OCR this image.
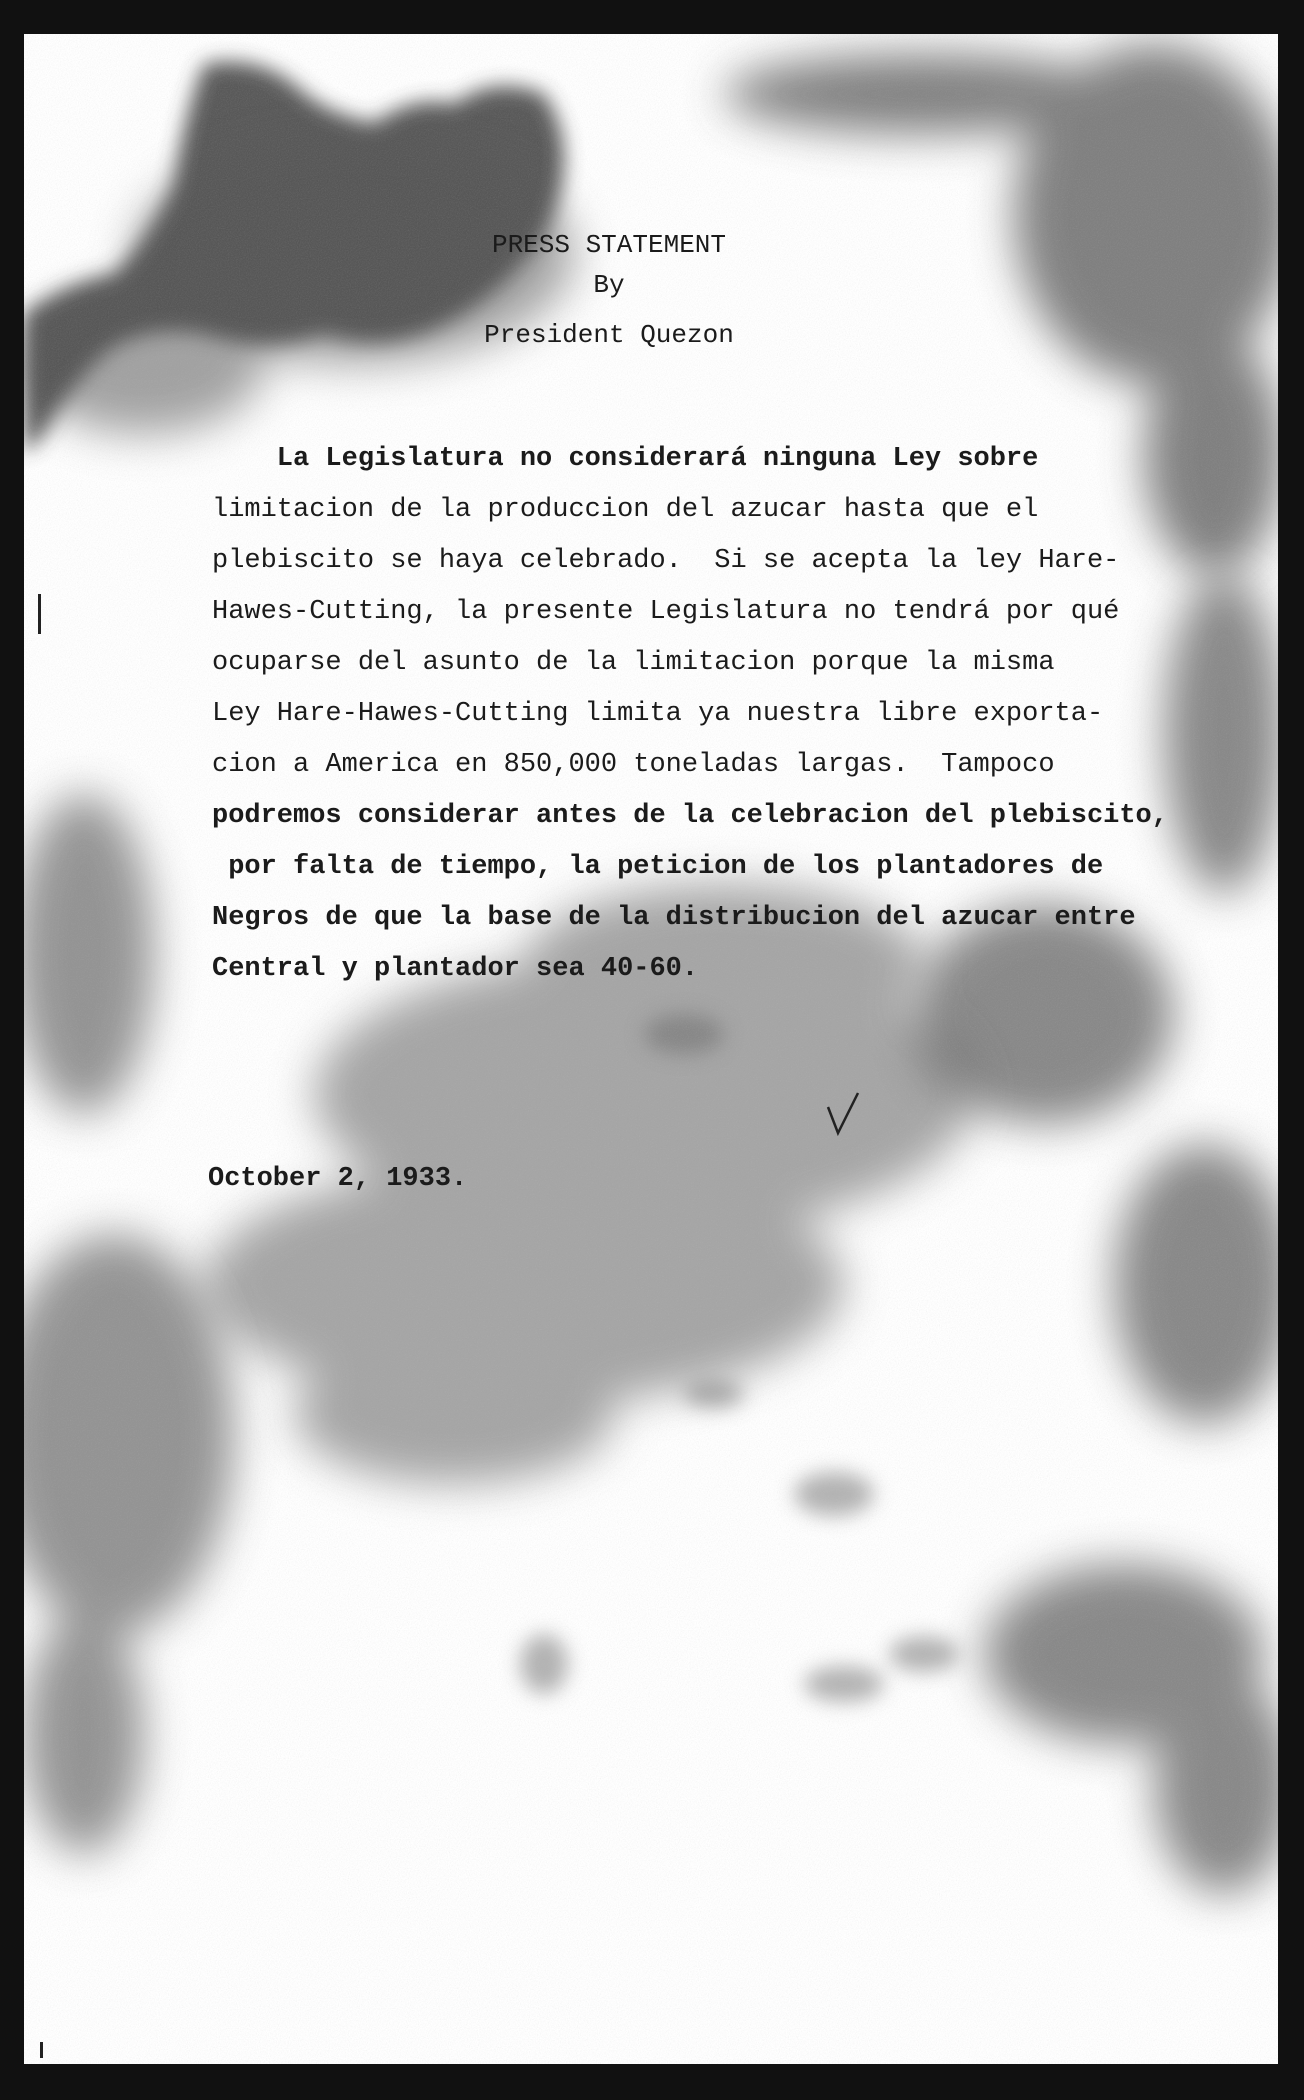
PRESS STATEMENT
By
President Quezon
La Legislatura no considerará ninguna Ley sobre
limitacion de la produccion del azucar hasta que el
plebiscito se haya celebrado.  Si se acepta la ley Hare-
Hawes-Cutting, la presente Legislatura no tendrá por qué
ocuparse del asunto de la limitacion porque la misma
Ley Hare-Hawes-Cutting limita ya nuestra libre exporta-
cion a America en 850,000 toneladas largas.  Tampoco
podremos considerar antes de la celebracion del plebiscito,
por falta de tiempo, la peticion de los plantadores de
Negros de que la base de la distribucion del azucar entre
Central y plantador sea 40-60.
October 2, 1933.
